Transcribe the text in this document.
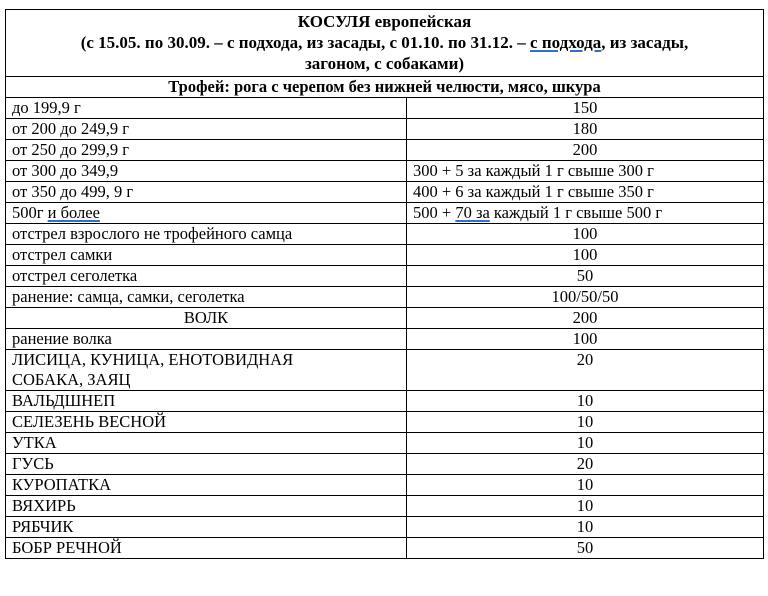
КОСУЛЯ европейская
(с 15.05. по 30.09. – с подхода, из засады, с 01.10. по 31.12. – с подхода, из засады,
загоном, с собаками)	

Трофей: рога с черепом без нижней челюсти, мясо, шкура	
до 199,9 г	150
от 200 до 249,9 г	180
от 250 до 299,9 г	200
от 300 до 349,9	300 + 5 за каждый 1 г свыше 300 г
от 350 до 499, 9 г	400 + 6 за каждый 1 г свыше 350 г
500г и более	500 + 70 за каждый 1 г свыше 500 г
отстрел взрослого не трофейного самца	100
отстрел самки	100
отстрел сеголетка	50
ранение: самца, самки, сеголетка	100/50/50
ВОЛК	200
ранение волка	100
ЛИСИЦА, КУНИЦА, ЕНОТОВИДНАЯ
СОБАКА, ЗАЯЦ	20
ВАЛЬДШНЕП	10
СЕЛЕЗЕНЬ ВЕСНОЙ	10
УТКА	10
ГУСЬ	20
КУРОПАТКА	10
ВЯХИРЬ	10
РЯБЧИК	10
БОБР РЕЧНОЙ	50
